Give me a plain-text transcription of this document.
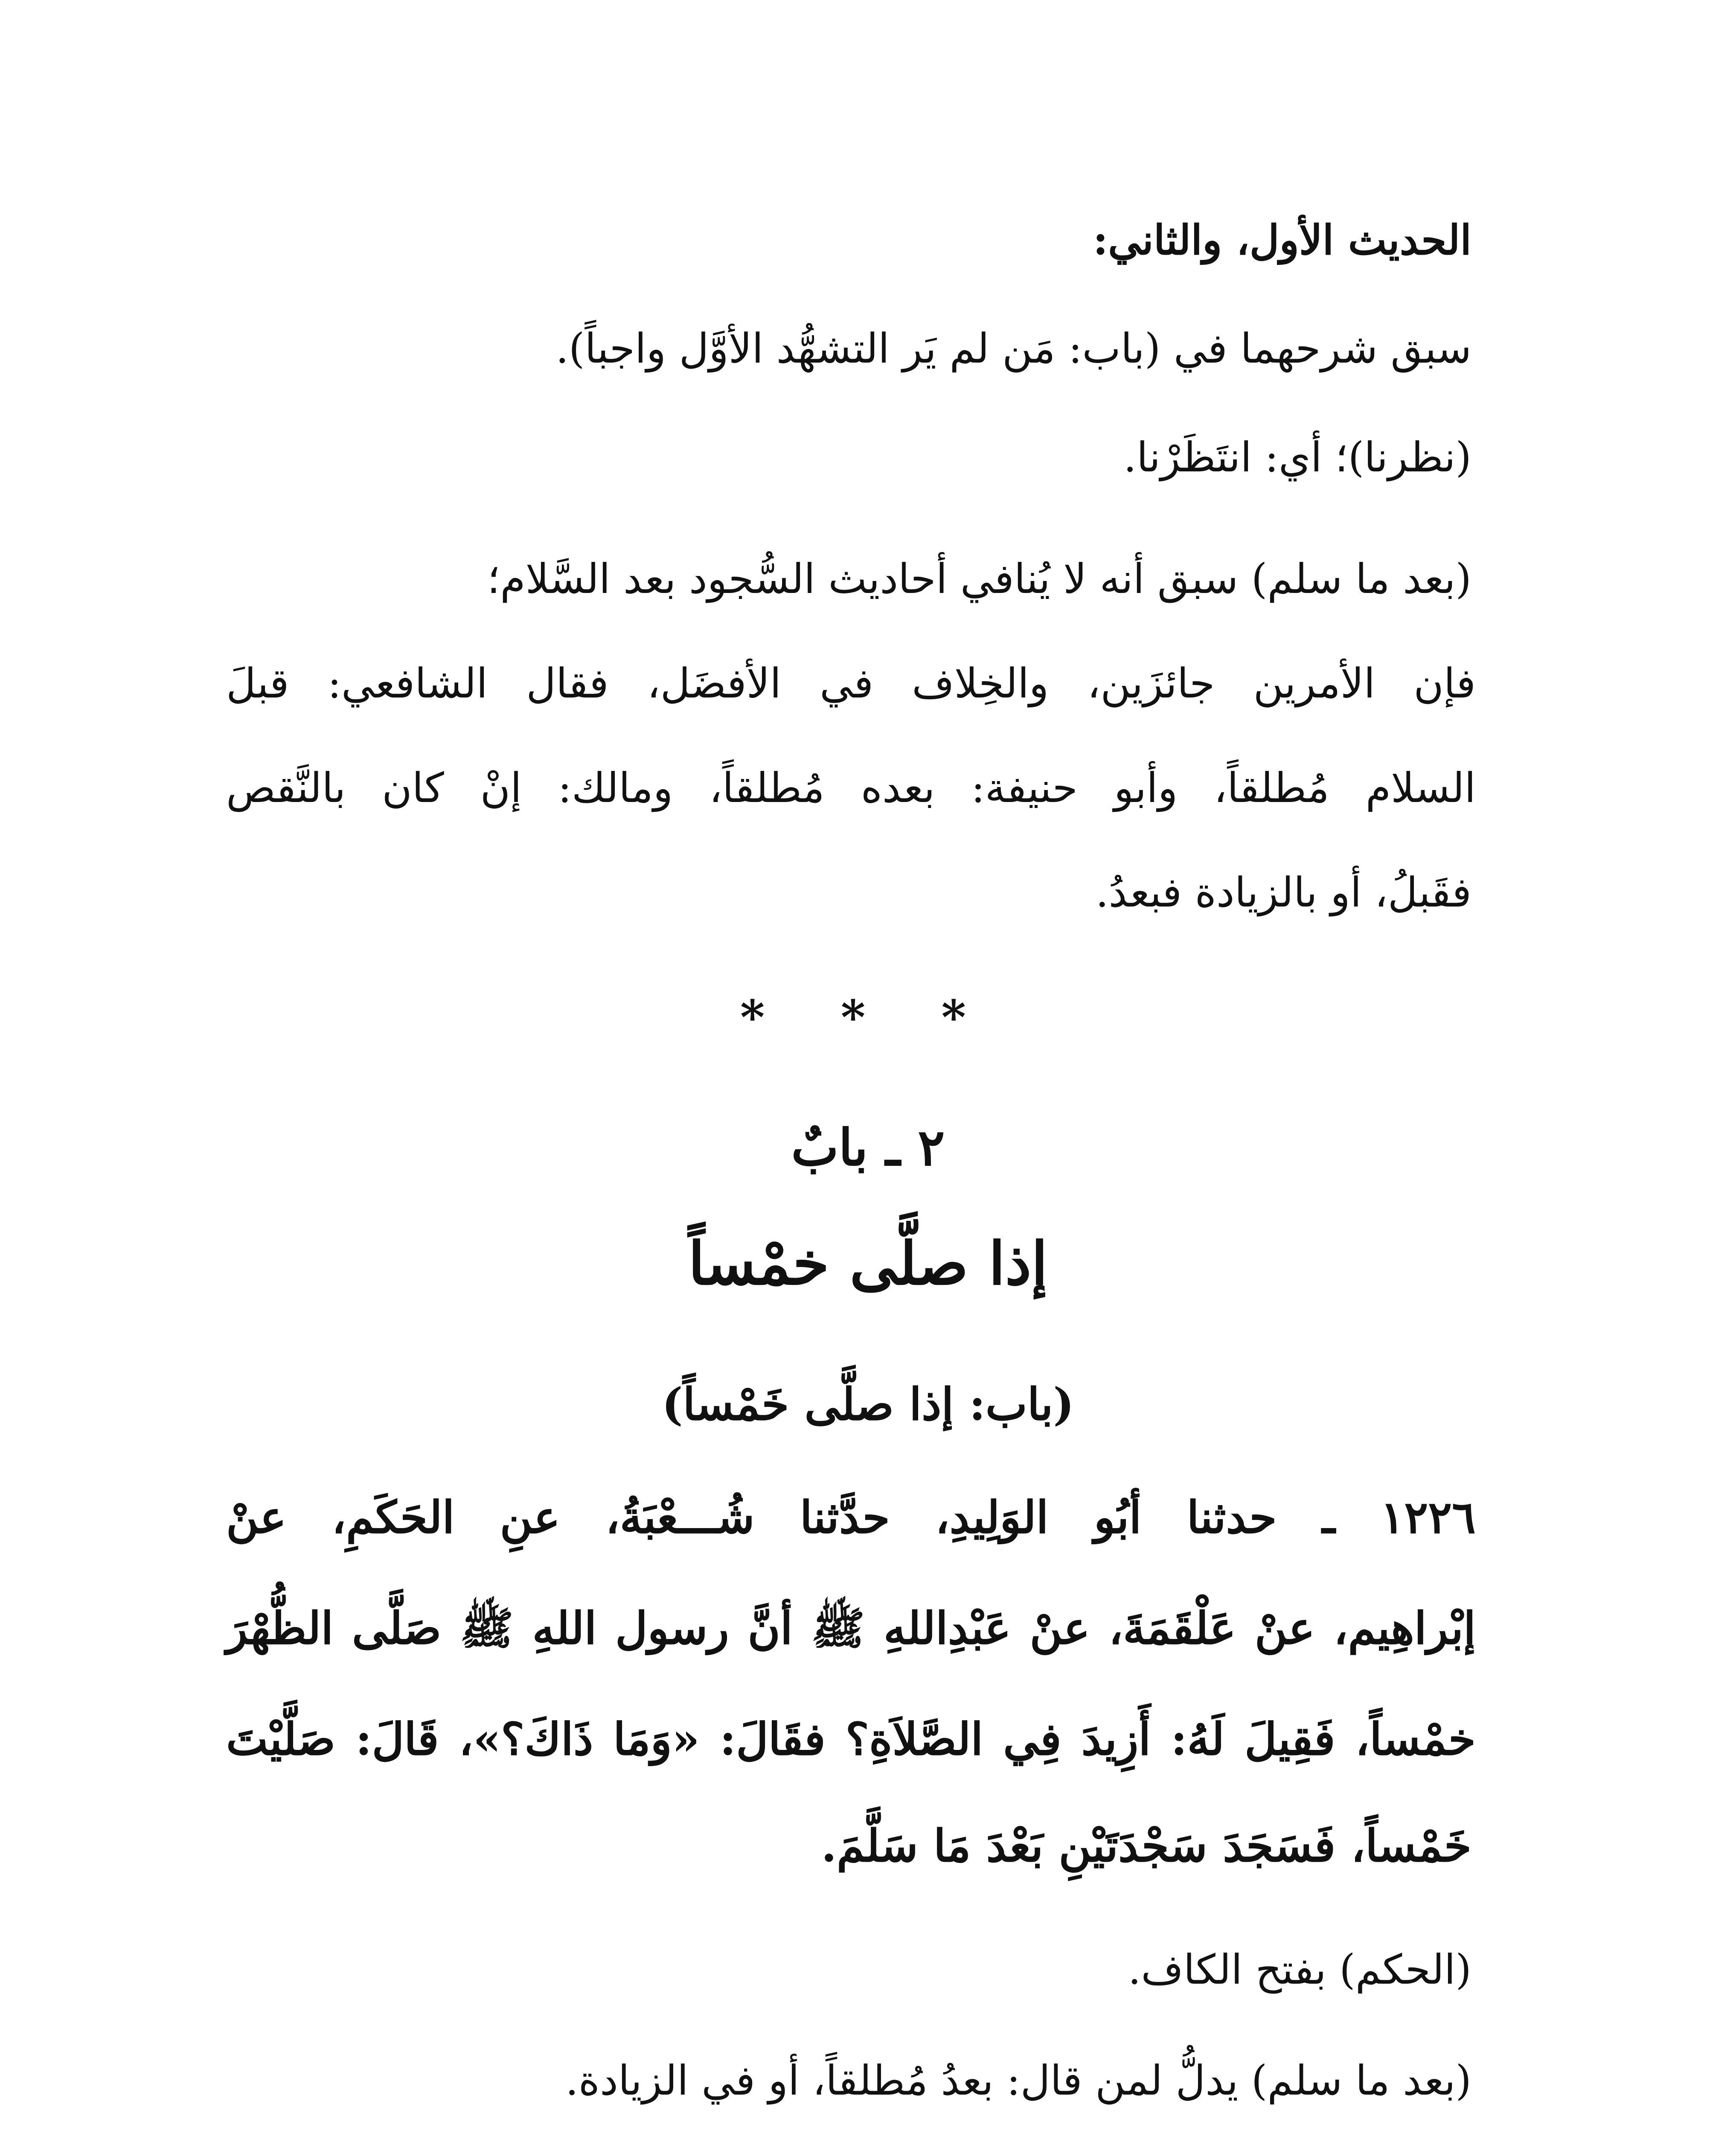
الحديث الأول، والثاني:
سبق شرحهما في (باب: مَن لم يَر التشهُّد الأوَّل واجباً).
(نظرنا)؛ أي: انتَظَرْنا.
(بعد ما سلم) سبق أنه لا يُنافي أحاديث السُّجود بعد السَّلام؛
فإن الأمرين جائزَين، والخِلاف في الأفضَل، فقال الشافعي: قبلَ
السلام مُطلقاً، وأبو حنيفة: بعده مُطلقاً، ومالك: إنْ كان بالنَّقص
فقَبلُ، أو بالزيادة فبعدُ.
* * *
٢ ـ بابٌ
إذا صلَّى خمْساً
(باب: إذا صلَّى خَمْساً)
١٢٢٦ ـ حدثنا أبُو الوَلِيدِ، حدَّثنا شُـــعْبَةُ، عنِ الحَكَمِ، عنْ
إبْراهِيم، عنْ عَلْقَمَةَ، عنْ عَبْدِاللهِ ﷺ أنَّ رسول اللهِ ﷺ صَلَّى الظُّهْرَ
خمْساً، فَقِيلَ لَهُ: أَزِيدَ فِي الصَّلاَةِ؟ فقَالَ: «وَمَا ذَاكَ؟»، قَالَ: صَلَّيْتَ
خَمْساً، فَسَجَدَ سَجْدَتَيْنِ بَعْدَ مَا سَلَّمَ.
(الحكم) بفتح الكاف.
(بعد ما سلم) يدلُّ لمن قال: بعدُ مُطلقاً، أو في الزيادة.
